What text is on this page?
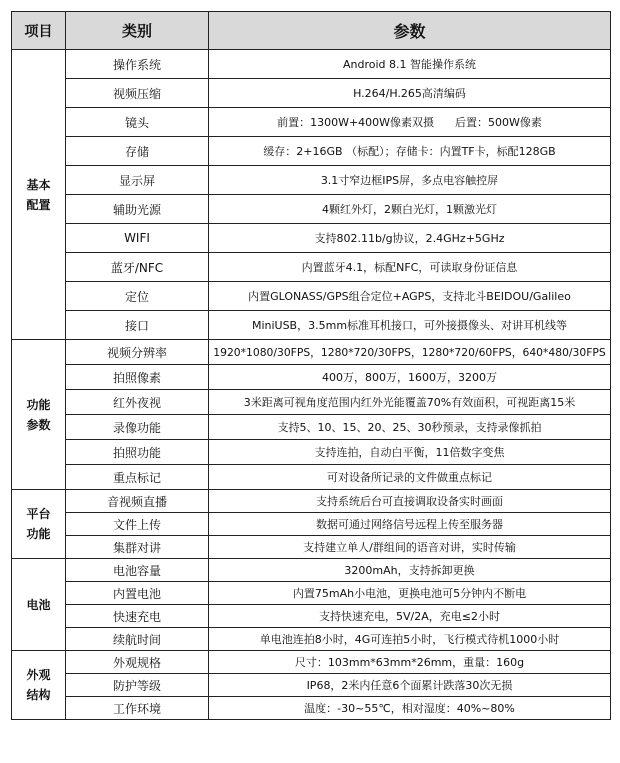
项目	类别	参数

基本
配置	操作系统	Android 8.1 智能操作系统

	视频压缩	H.264/H.265高清编码

	镜头	前置：1300W+400W像素双摄      后置：500W像素

	存储	缓存：2+16GB （标配）；存储卡：内置TF卡，标配128GB

	显示屏	3.1寸窄边框IPS屏，多点电容触控屏

	辅助光源	4颗红外灯，2颗白光灯，1颗激光灯

	WIFI	支持802.11b/g协议，2.4GHz+5GHz

	蓝牙/NFC	内置蓝牙4.1，标配NFC，可读取身份证信息

	定位	内置GLONASS/GPS组合定位+AGPS，支持北斗BEIDOU/Galileo

	接口	MiniUSB，3.5mm标准耳机接口，可外接摄像头、对讲耳机线等

功能
参数	视频分辨率	1920*1080/30FPS，1280*720/30FPS，1280*720/60FPS，640*480/30FPS

	拍照像素	400万，800万，1600万，3200万

	红外夜视	3米距离可视角度范围内红外光能覆盖70%有效面积，可视距离15米

	录像功能	支持5、10、15、20、25、30秒预录，支持录像抓拍

	拍照功能	支持连拍，自动白平衡，11倍数字变焦

	重点标记	可对设备所记录的文件做重点标记

平台
功能	音视频直播	支持系统后台可直接调取设备实时画面

	文件上传	数据可通过网络信号远程上传至服务器

	集群对讲	支持建立单人/群组间的语音对讲，实时传输

电池	电池容量	3200mAh，支持拆卸更换

	内置电池	内置75mAh小电池，更换电池可5分钟内不断电

	快速充电	支持快速充电，5V/2A，充电≤2小时

	续航时间	单电池连拍8小时，4G可连拍5小时，飞行模式待机1000小时

外观
结构	外观规格	尺寸：103mm*63mm*26mm，重量：160g

	防护等级	IP68，2米内任意6个面累计跌落30次无损

	工作环境	温度：-30~55℃，相对湿度：40%~80%
